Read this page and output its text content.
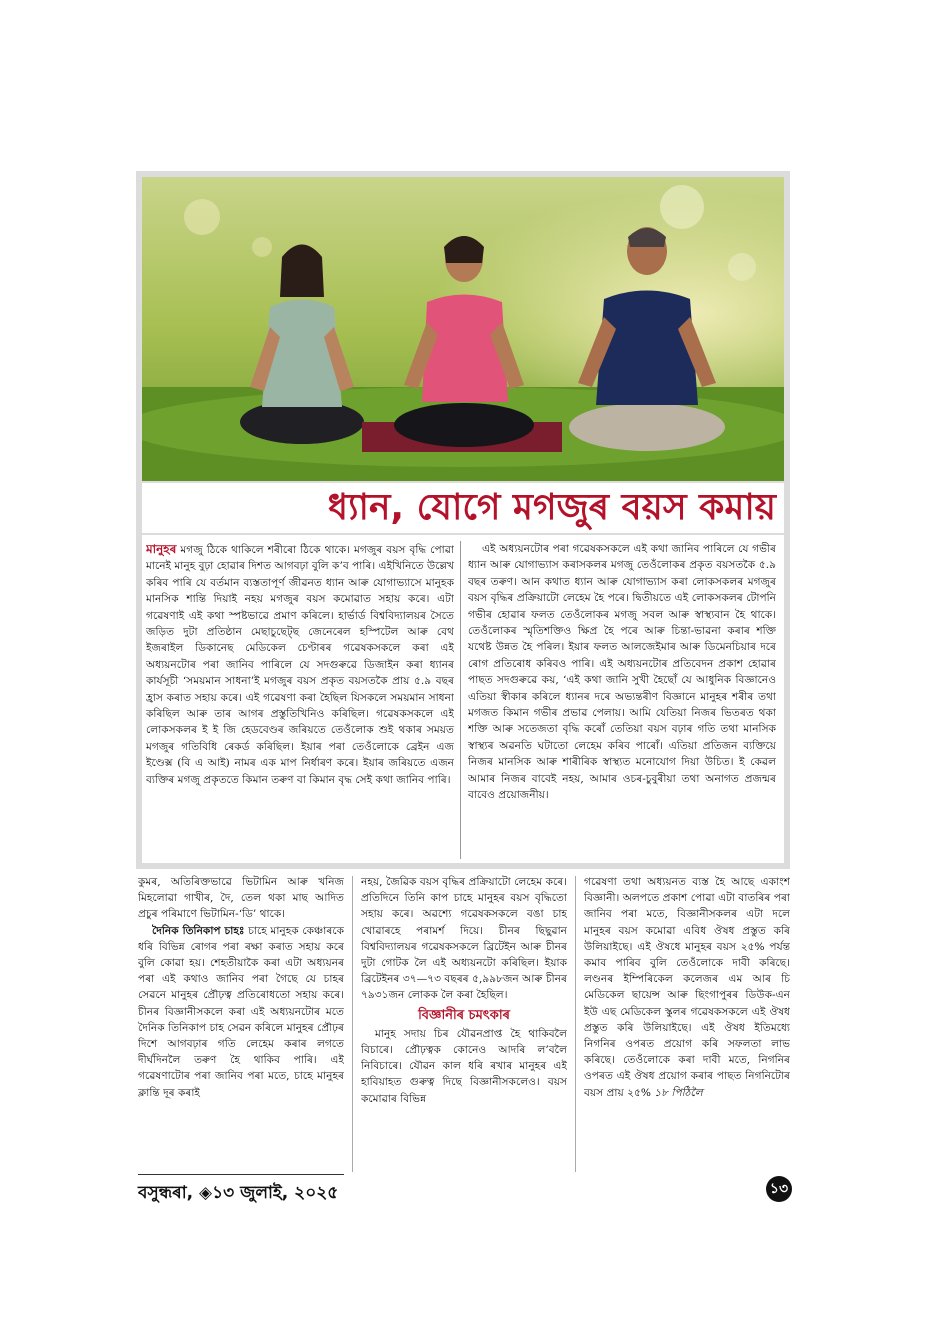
ধ্যান, যোগে মগজুৰ বয়স কমায়

মানুহৰ মগজু ঠিকে থাকিলে শৰীৰো ঠিকে থাকে। মগজুৰ বয়স বৃদ্ধি পোৱা মানেই মানুহ বুঢ়া হোৱাৰ দিশত আগবঢ়া বুলি ক’ব পাৰি। এইখিনিতে উল্লেখ কৰিব পাৰি যে বৰ্তমান ব্যস্ততাপূৰ্ণ জীৱনত ধ্যান আৰু যোগাভ্যাসে মানুহক মানসিক শান্তি দিয়াই নহয় মগজুৰ বয়স কমোৱাত সহায় কৰে। এটা গৱেষণাই এই কথা স্পষ্টভাৱে প্ৰমাণ কৰিলে। হাৰ্ভাৰ্ড বিশ্ববিদ্যালয়ৰ সৈতে জড়িত দুটা প্ৰতিষ্ঠান মেছাচুছেট্ছ জেনেৰেল হস্পিটেল আৰু বেথ ইজৰাইল ডিকানেছ মেডিকেল চেণ্টাৰৰ গৱেষকসকলে কৰা এই অধ্যয়নটোৰ পৰা জানিব পাৰিলে যে সদগুৰুৱে ডিজাইন কৰা ধ্যানৰ কাৰ্যসূচী ‘সময়মান সাধনা’ই মগজুৰ বয়স প্ৰকৃত বয়সতকৈ প্ৰায় ৫.৯ বছৰ হ্ৰাস কৰাত সহায় কৰে। এই গৱেষণা কৰা হৈছিল যিসকলে সময়মান সাধনা কৰিছিল আৰু তাৰ আগৰ প্ৰস্তুতিখিনিও কৰিছিল। গৱেষকসকলে এই লোকসকলৰ ই ই জি হেডবেণ্ডৰ জৰিয়তে তেওঁলোক শুই থকাৰ সময়ত মগজুৰ গতিবিধি ৰেকৰ্ড কৰিছিল। ইয়াৰ পৰা তেওঁলোকে ব্ৰেইন এজ ইণ্ডেক্স (বি এ আই) নামৰ এক মাপ নিৰ্ধাৰণ কৰে। ইয়াৰ জৰিয়তে এজন ব্যক্তিৰ মগজু প্ৰকৃততে কিমান তৰুণ বা কিমান বৃদ্ধ সেই কথা জানিব পাৰি।

এই অধ্যয়নটোৰ পৰা গৱেষকসকলে এই কথা জানিব পাৰিলে যে গভীৰ ধ্যান আৰু যোগাভ্যাস কৰাসকলৰ মগজু তেওঁলোকৰ প্ৰকৃত বয়সতকৈ ৫.৯ বছৰ তৰুণ। আন কথাত ধ্যান আৰু যোগাভ্যাস কৰা লোকসকলৰ মগজুৰ বয়স বৃদ্ধিৰ প্ৰক্ৰিয়াটো লেহেম হৈ পৰে। দ্বিতীয়তে এই লোকসকলৰ টোপনি গভীৰ হোৱাৰ ফলত তেওঁলোকৰ মগজু সবল আৰু স্বাস্থ্যবান হৈ থাকে। তেওঁলোকৰ স্মৃতিশক্তিও ক্ষিপ্ৰ হৈ পৰে আৰু চিন্তা-ভাৱনা কৰাৰ শক্তি যথেষ্ট উন্নত হৈ পৰিল। ইয়াৰ ফলত আলজেইমাৰ আৰু ডিমেনচিয়াৰ দৰে ৰোগ প্ৰতিৰোধ কৰিবও পাৰি। এই অধ্যয়নটোৰ প্ৰতিবেদন প্ৰকাশ হোৱাৰ পাছত সদগুৰুৱে কয়, ‘এই কথা জানি সুখী হৈছোঁ যে আধুনিক বিজ্ঞানেও এতিয়া স্বীকাৰ কৰিলে ধ্যানৰ দৰে অভ্যন্তৰীণ বিজ্ঞানে মানুহৰ শৰীৰ তথা মগজত কিমান গভীৰ প্ৰভাৱ পেলায়। আমি যেতিয়া নিজৰ ভিতৰত থকা শক্তি আৰু সতেজতা বৃদ্ধি কৰোঁ তেতিয়া বয়স বঢ়াৰ গতি তথা মানসিক স্বাস্থ্যৰ অৱনতি ঘটাতো লেহেম কৰিব পাৰোঁ। এতিয়া প্ৰতিজন ব্যক্তিয়ে নিজৰ মানসিক আৰু শাৰীৰিক স্বাস্থ্যত মনোযোগ দিয়া উচিত। ই কেৱল আমাৰ নিজৰ বাবেই নহয়, আমাৰ ওচৰ-চুবুৰীয়া তথা অনাগত প্ৰজন্মৰ বাবেও প্ৰয়োজনীয়।

কুমৰ, অতিৰিক্তভাৱে ভিটামিন আৰু খনিজ মিহলোৱা গাখীৰ, দৈ, তেল থকা মাছ আদিত প্ৰচুৰ পৰিমাণে ভিটামিন-‘ডি’ থাকে।

দৈনিক তিনিকাপ চাহঃ চাহে মানুহক কেঞ্চাৰকে ধৰি বিভিন্ন ৰোগৰ পৰা ৰক্ষা কৰাত সহায় কৰে বুলি কোৱা হয়। শেহতীয়াকৈ কৰা এটা অধ্যয়নৰ পৰা এই কথাও জানিব পৰা গৈছে যে চাহৰ সেৱনে মানুহৰ প্ৰৌঢ়ত্ব প্ৰতিৰোধতো সহায় কৰে। চীনৰ বিজ্ঞানীসকলে কৰা এই অধ্যয়নটোৰ মতে দৈনিক তিনিকাপ চাহ সেৱন কৰিলে মানুহৰ প্ৰৌঢ়ৰ দিশে আগবঢ়াৰ গতি লেহেম কৰাৰ লগতে দীৰ্ঘদিনলৈ তৰুণ হৈ থাকিব পাৰি। এই গৱেষণাটোৰ পৰা জানিব পৰা মতে, চাহে মানুহৰ ক্লান্তি দূৰ কৰাই

নহয়, জৈৱিক বয়স বৃদ্ধিৰ প্ৰক্ৰিয়াটো লেহেম কৰে। প্ৰতিদিনে তিনি কাপ চাহে মানুহৰ বয়স বৃদ্ধিতো সহায় কৰে। অৱশ্যে গৱেষকসকলে বঙা চাহ খোৱাৰহে পৰামৰ্শ দিয়ে। চীনৰ ছিছুৱান বিশ্ববিদ্যালয়ৰ গৱেষকসকলে ব্ৰিটেইন আৰু চীনৰ দুটা গোটক লৈ এই অধ্যয়নটো কৰিছিল। ইয়াক ব্ৰিটেইনৰ ৩৭—৭৩ বছৰৰ ৫,৯৯৮জন আৰু চীনৰ ৭৯৩১জন লোকক লৈ কৰা হৈছিল।

বিজ্ঞানীৰ চমৎকাৰ

মানুহ সদায় চিৰ যৌৱনপ্ৰাপ্ত হৈ থাকিবলৈ বিচাৰে। প্ৰৌঢ়ত্বক কোনেও আদৰি ল’বলৈ নিবিচাৰে। যৌৱন কাল ধৰি ৰখাৰ মানুহৰ এই হাবিয়াহত গুৰুত্ব দিছে বিজ্ঞানীসকলেও। বয়স কমোৱাৰ বিভিন্ন

গৱেষণা তথা অধ্যয়নত ব্যস্ত হৈ আছে একাংশ বিজ্ঞানী। অলপতে প্ৰকাশ পোৱা এটা বাতৰিৰ পৰা জানিব পৰা মতে, বিজ্ঞানীসকলৰ এটা দলে মানুহৰ বয়স কমোৱা এবিধ ঔষধ প্ৰস্তুত কৰি উলিয়াইছে। এই ঔষধে মানুহৰ বয়স ২৫% পৰ্যন্ত কমাব পাৰিব বুলি তেওঁলোকে দাবী কৰিছে। লণ্ডনৰ ইম্পিৰিকেল কলেজৰ এম আৰ চি মেডিকেল ছায়েন্স আৰু ছিংগাপুৰৰ ডিউক-এন ইউ এছ মেডিকেল স্কুলৰ গৱেষকসকলে এই ঔষধ প্ৰস্তুত কৰি উলিয়াইছে। এই ঔষধ ইতিমধ্যে নিগনিৰ ওপৰত প্ৰয়োগ কৰি সফলতা লাভ কৰিছে। তেওঁলোকে কৰা দাবী মতে, নিগনিৰ ওপৰত এই ঔষধ প্ৰয়োগ কৰাৰ পাছত নিগনিটোৰ বয়স প্ৰায় ২৫% ১৮ পিঠিলৈ

বসুন্ধৰা, ◈১৩ জুলাই, ২০২৫	১৩
